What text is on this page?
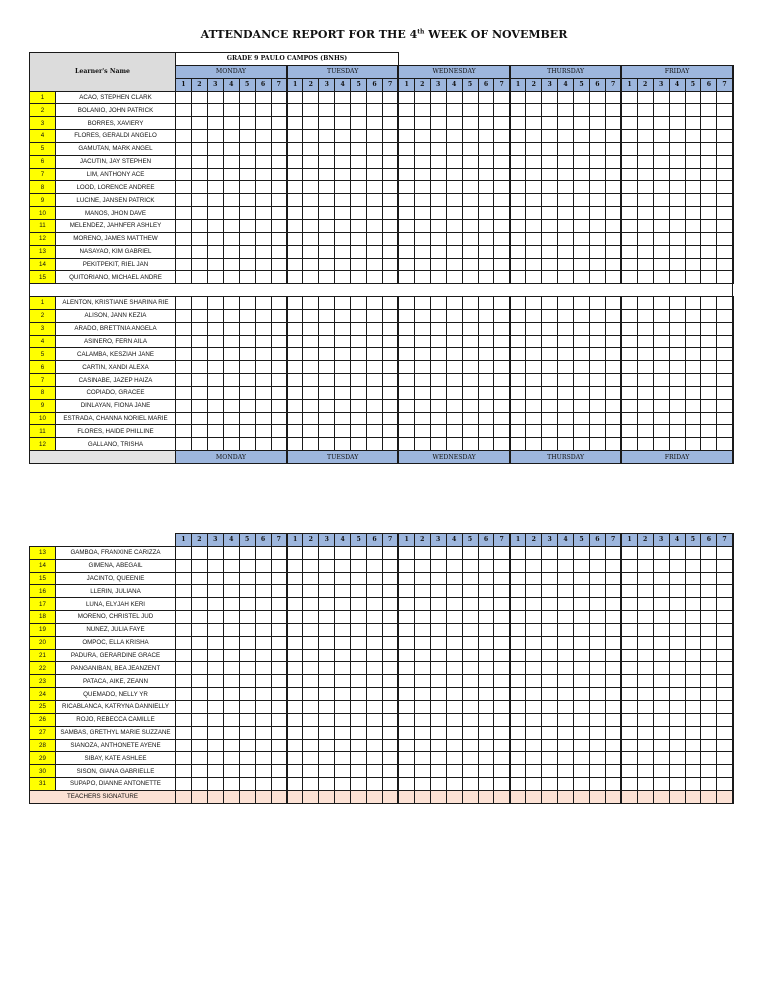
ATTENDANCE REPORT FOR THE 4th WEEK OF NOVEMBER
Learner's Name		GRADE 9 PAULO CAMPOS (BNHS)																																		
		MONDAY							TUESDAY							WEDNESDAY							THURSDAY							FRIDAY						
		1	2	3	4	5	6	7	1	2	3	4	5	6	7	1	2	3	4	5	6	7	1	2	3	4	5	6	7	1	2	3	4	5	6	7
1	ACAO, STEPHEN CLARK																																			
2	BOLANIO, JOHN PATRICK																																			
3	BORRES, XAVIERY																																			
4	FLORES, GERALDI ANGELO																																			
5	GAMUTAN, MARK ANGEL																																			
6	JACUTIN, JAY STEPHEN																																			
7	LIM, ANTHONY ACE																																			
8	LOOD, LORENCE ANDREE																																			
9	LUCINE, JANSEN PATRICK																																			
10	MANOS, JHON DAVE																																			
11	MELENDEZ, JAHNFER ASHLEY																																			
12	MORENO, JAMES MATTHEW																																			
13	NASAYAO, KIM GABRIEL																																			
14	PEKITPEKIT, RIEL JAN																																			
15	QUITORIANO, MICHAEL ANDRE																																			

1	ALENTON, KRISTIANE SHARINA RIE																																			
2	ALISON, JANN KEZIA																																			
3	ARADO, BRETTNIA ANGELA																																			
4	ASINERO, FERN AILA																																			
5	CALAMBA, KESZIAH JANE																																			
6	CARTIN, XANDI ALEXA																																			
7	CASINABE, JAZEP HAIZA																																			
8	COPIADO, GRACEE																																			
9	DINLAYAN, FIONA JANE																																			
10	ESTRADA, CHANNA NORIEL MARIE																																			
11	FLORES, HAIDE PHILLINE																																			
12	GALLANO, TRISHA																																			
		MONDAY							TUESDAY							WEDNESDAY							THURSDAY							FRIDAY						
		1	2	3	4	5	6	7	1	2	3	4	5	6	7	1	2	3	4	5	6	7	1	2	3	4	5	6	7	1	2	3	4	5	6	7
13	GAMBOA, FRANXINE CARIZZA																																			
14	GIMENA, ABEGAIL																																			
15	JACINTO, QUEENIE																																			
16	LLERIN, JULIANA																																			
17	LUNA, ELYJAH KERI																																			
18	MORENO, CHRISTEL JUD																																			
19	NUNEZ, JULIA FAYE																																			
20	OMPOC, ELLA KRISHA																																			
21	PADURA, GERARDINE GRACE																																			
22	PANGANIBAN, BEA JEANZENT																																			
23	PATACA, AIKE, ZEANN																																			
24	QUEMADO, NELLY YR																																			
25	RICABLANCA, KATRYNA DANNIELLY																																			
26	ROJO, REBECCA CAMILLE																																			
27	SAMBAS, GRETHYL MARIE SUZZANE																																			
28	SIANOZA, ANTHONETE AYENE																																			
29	SIBAY, KATE ASHLEE																																			
30	SISON, GIANA GABRIELLE																																			
31	SUPAPO, DIANNE ANTONETTE																																			
TEACHERS SIGNATURE																																				
